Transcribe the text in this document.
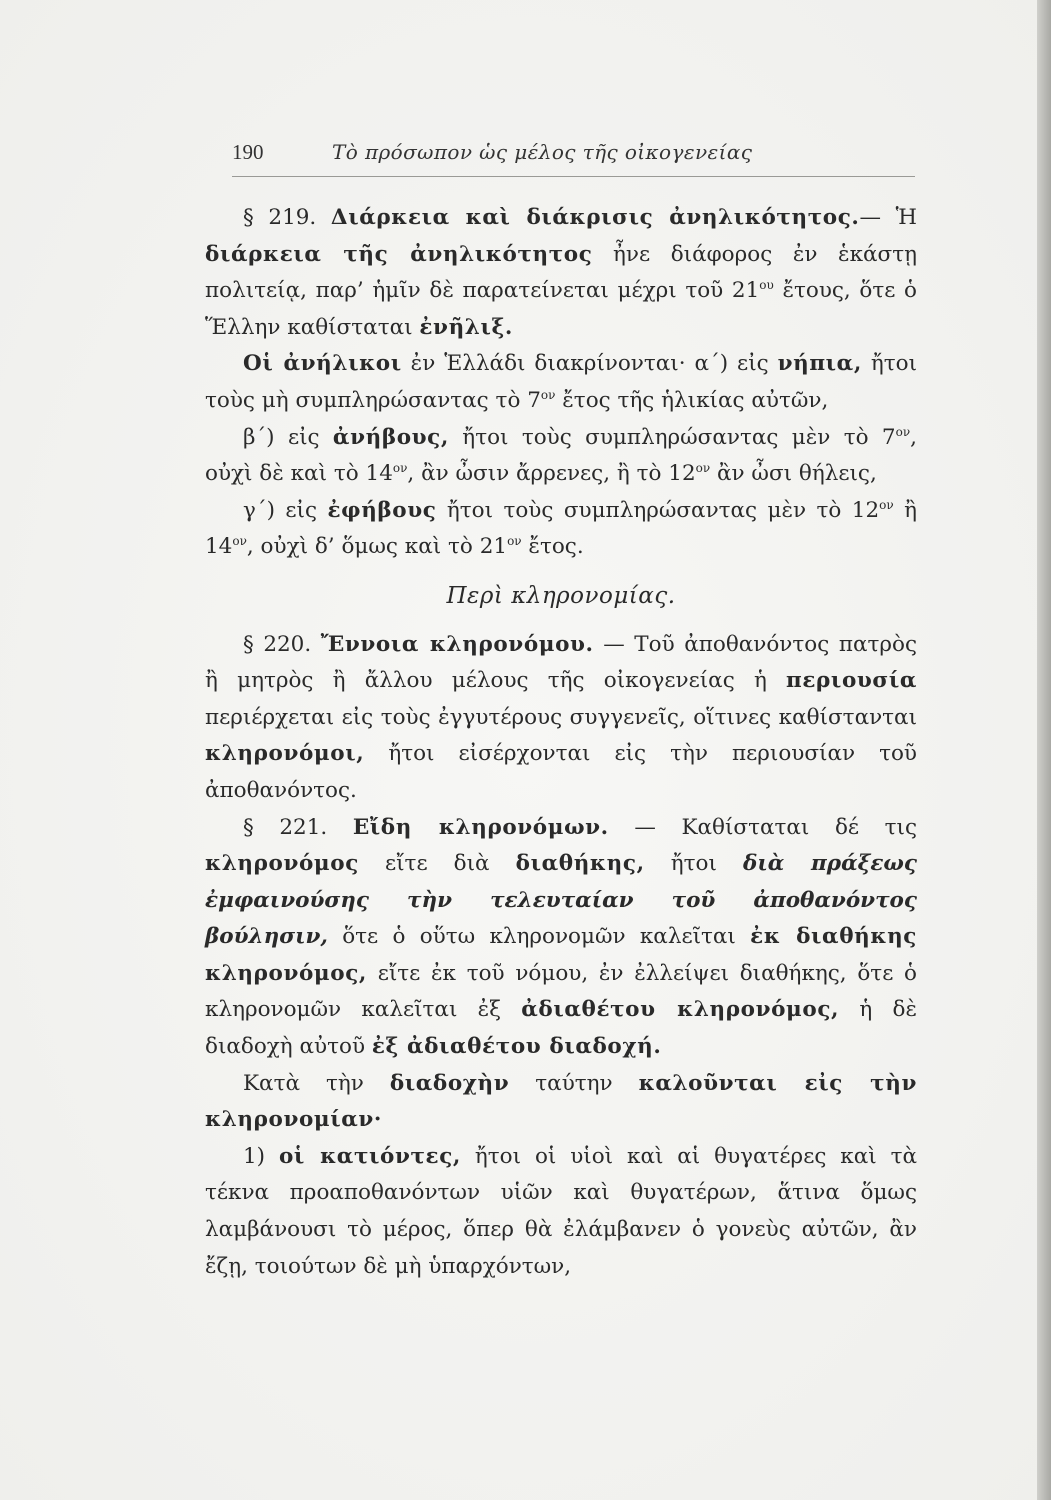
190	Τὸ πρόσωπον ὡς μέλος τῆς οἰκογενείας

§ 219. Διάρκεια καὶ διάκρισις ἀνηλικότητος.— Ἡ διάρκεια τῆς ἀνηλικότητος ἦνε διάφορος ἐν ἑκάστῃ πολιτείᾳ, παρ’ ἡμῖν δὲ παρατείνεται μέχρι τοῦ $21^{o\upsilon}$ ἔτους, ὅτε ὁ Ἕλλην καθίσταται ἐνῆλιξ.

Οἱ ἀνήλικοι ἐν Ἑλλάδι διακρίνονται· α΄) εἰς νήπια, ἤτοι τοὺς μὴ συμπληρώσαντας τὸ $7^{o\nu}$ ἔτος τῆς ἡλικίας αὐτῶν,

β΄) εἰς ἀνήβους, ἤτοι τοὺς συμπληρώσαντας μὲν τὸ $7^{o\nu}$, οὐχὶ δὲ καὶ τὸ $14^{o\nu}$, ἂν ὦσιν ἄρρενες, ἢ τὸ $12^{o\nu}$ ἂν ὦσι θήλεις,

γ΄) εἰς ἐφήβους ἤτοι τοὺς συμπληρώσαντας μὲν τὸ $12^{o\nu}$ ἢ $14^{o\nu}$, οὐχὶ δ’ ὅμως καὶ τὸ $21^{o\nu}$ ἔτος.

Περὶ κληρονομίας.

§ 220. Ἔννοια κληρονόμου. — Τοῦ ἀποθανόντος πατρὸς ἢ μητρὸς ἢ ἄλλου μέλους τῆς οἰκογενείας ἡ περιουσία περιέρχεται εἰς τοὺς ἐγγυτέρους συγγενεῖς, οἵτινες καθίστανται κληρονόμοι, ἤτοι εἰσέρχονται εἰς τὴν περιουσίαν τοῦ ἀποθανόντος.

§ 221. Εἴδη κληρονόμων. — Καθίσταται δέ τις κληρονόμος εἴτε διὰ διαθήκης, ἤτοι διὰ πράξεως ἐμφαινούσης τὴν τελευταίαν τοῦ ἀποθανόντος βούλησιν, ὅτε ὁ οὕτω κληρονομῶν καλεῖται ἐκ διαθήκης κληρονόμος, εἴτε ἐκ τοῦ νόμου, ἐν ἐλλείψει διαθήκης, ὅτε ὁ κληρονομῶν καλεῖται ἐξ ἀδιαθέτου κληρονόμος, ἡ δὲ διαδοχὴ αὐτοῦ ἐξ ἀδιαθέτου διαδοχή.

Κατὰ τὴν διαδοχὴν ταύτην καλοῦνται εἰς τὴν κληρονομίαν·

1) οἱ κατιόντες, ἤτοι οἱ υἱοὶ καὶ αἱ θυγατέρες καὶ τὰ τέκνα προαποθανόντων υἱῶν καὶ θυγατέρων, ἅτινα ὅμως λαμβάνουσι τὸ μέρος, ὅπερ θὰ ἐλάμβανεν ὁ γονεὺς αὐτῶν, ἂν ἔζῃ, τοιούτων δὲ μὴ ὑπαρχόντων,
